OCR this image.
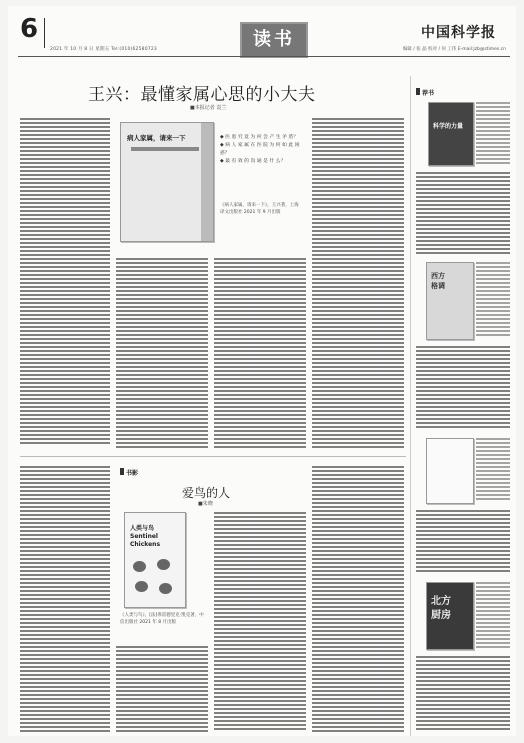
6
2021 年 10 月 8 日 星期五 Tel:(010)62580723	读书	中国科学报
编辑 / 张 晶 校对 / 何 工伟 E-mail:jzb@stimes.cn
王兴：最懂家属心思的小大夫
■本报记者 袁兰
病人家属，请来一下	◆ 医 患 究 竟 为 何 会 产 生 矛 盾？
◆ 病 人 家 属 在 医 院 为 何 如 此 困 惑？
◆ 最 有 效 的 沟 通 是 什 么？
《病人家属，请来一下》，王兴著，上海译文出版社 2021 年 9 月出版
书影
爱鸟的人
■朱晓
人类与鸟 Sentinel Chickens
《人类与鸟》，[法]弗雷德里克·凯克著，中信出版社 2021 年 8 月出版
荐书
科学的力量
西方格调
北方厨房
